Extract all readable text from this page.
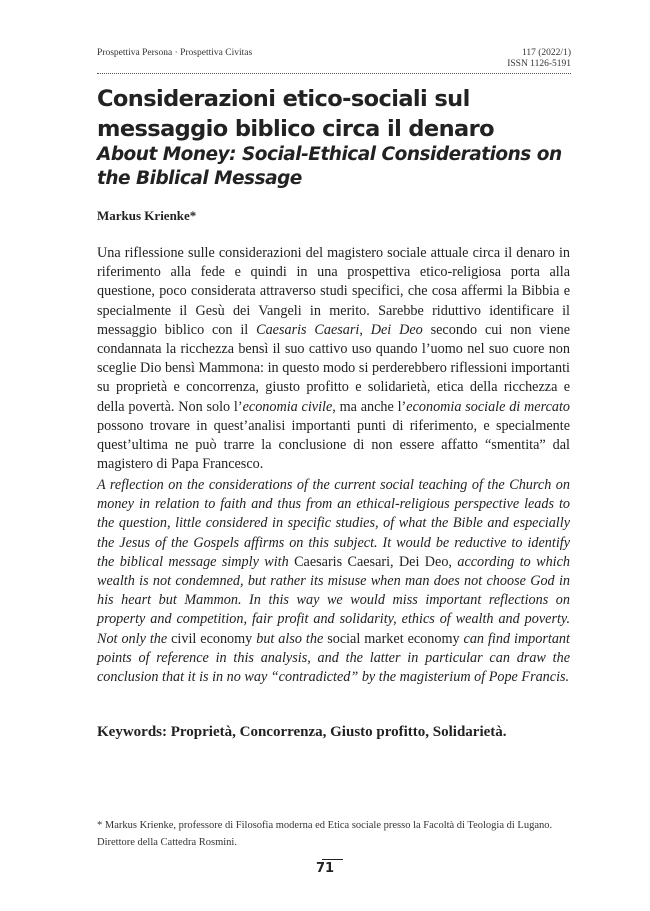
Prospettiva Persona · Prospettiva Civitas	117 (2022/1)
ISSN 1126-5191
Considerazioni etico-sociali sul messaggio biblico circa il denaro
About Money: Social-Ethical Considerations on the Biblical Message
Markus Krienke*

Una riflessione sulle considerazioni del magistero sociale attuale circa il denaro in riferimento alla fede e quindi in una prospettiva etico-religiosa porta alla questione, poco considerata attraverso studi specifici, che cosa affermi la Bibbia e specialmente il Gesù dei Vangeli in merito. Sarebbe riduttivo identificare il messaggio biblico con il Caesaris Caesari, Dei Deo secondo cui non viene condannata la ricchezza bensì il suo cattivo uso quando l’uomo nel suo cuore non sceglie Dio bensì Mammona: in questo modo si perderebbero riflessioni importanti su proprietà e concorrenza, giusto profitto e solidarietà, etica della ricchezza e della povertà. Non solo l’economia civile, ma anche l’economia sociale di mercato possono trovare in quest’analisi importanti punti di riferimento, e specialmente quest’ultima ne può trarre la conclusione di non essere affatto “smentita” dal magistero di Papa Francesco.

A reflection on the considerations of the current social teaching of the Church on money in relation to faith and thus from an ethical-religious perspective leads to the question, little considered in specific studies, of what the Bible and especially the Jesus of the Gospels affirms on this subject. It would be reductive to identify the biblical message simply with Caesaris Caesari, Dei Deo, according to which wealth is not condemned, but rather its misuse when man does not choose God in his heart but Mammon. In this way we would miss important reflections on property and competition, fair profit and solidarity, ethics of wealth and poverty. Not only the civil economy but also the social market economy can find important points of reference in this analysis, and the latter in particular can draw the conclusion that it is in no way “contradicted” by the magisterium of Pope Francis.

Keywords: Proprietà, Concorrenza, Giusto profitto, Solidarietà.

* Markus Krienke, professore di Filosofia moderna ed Etica sociale presso la Facoltà di Teologia di Lugano. Direttore della Cattedra Rosmini.

71
